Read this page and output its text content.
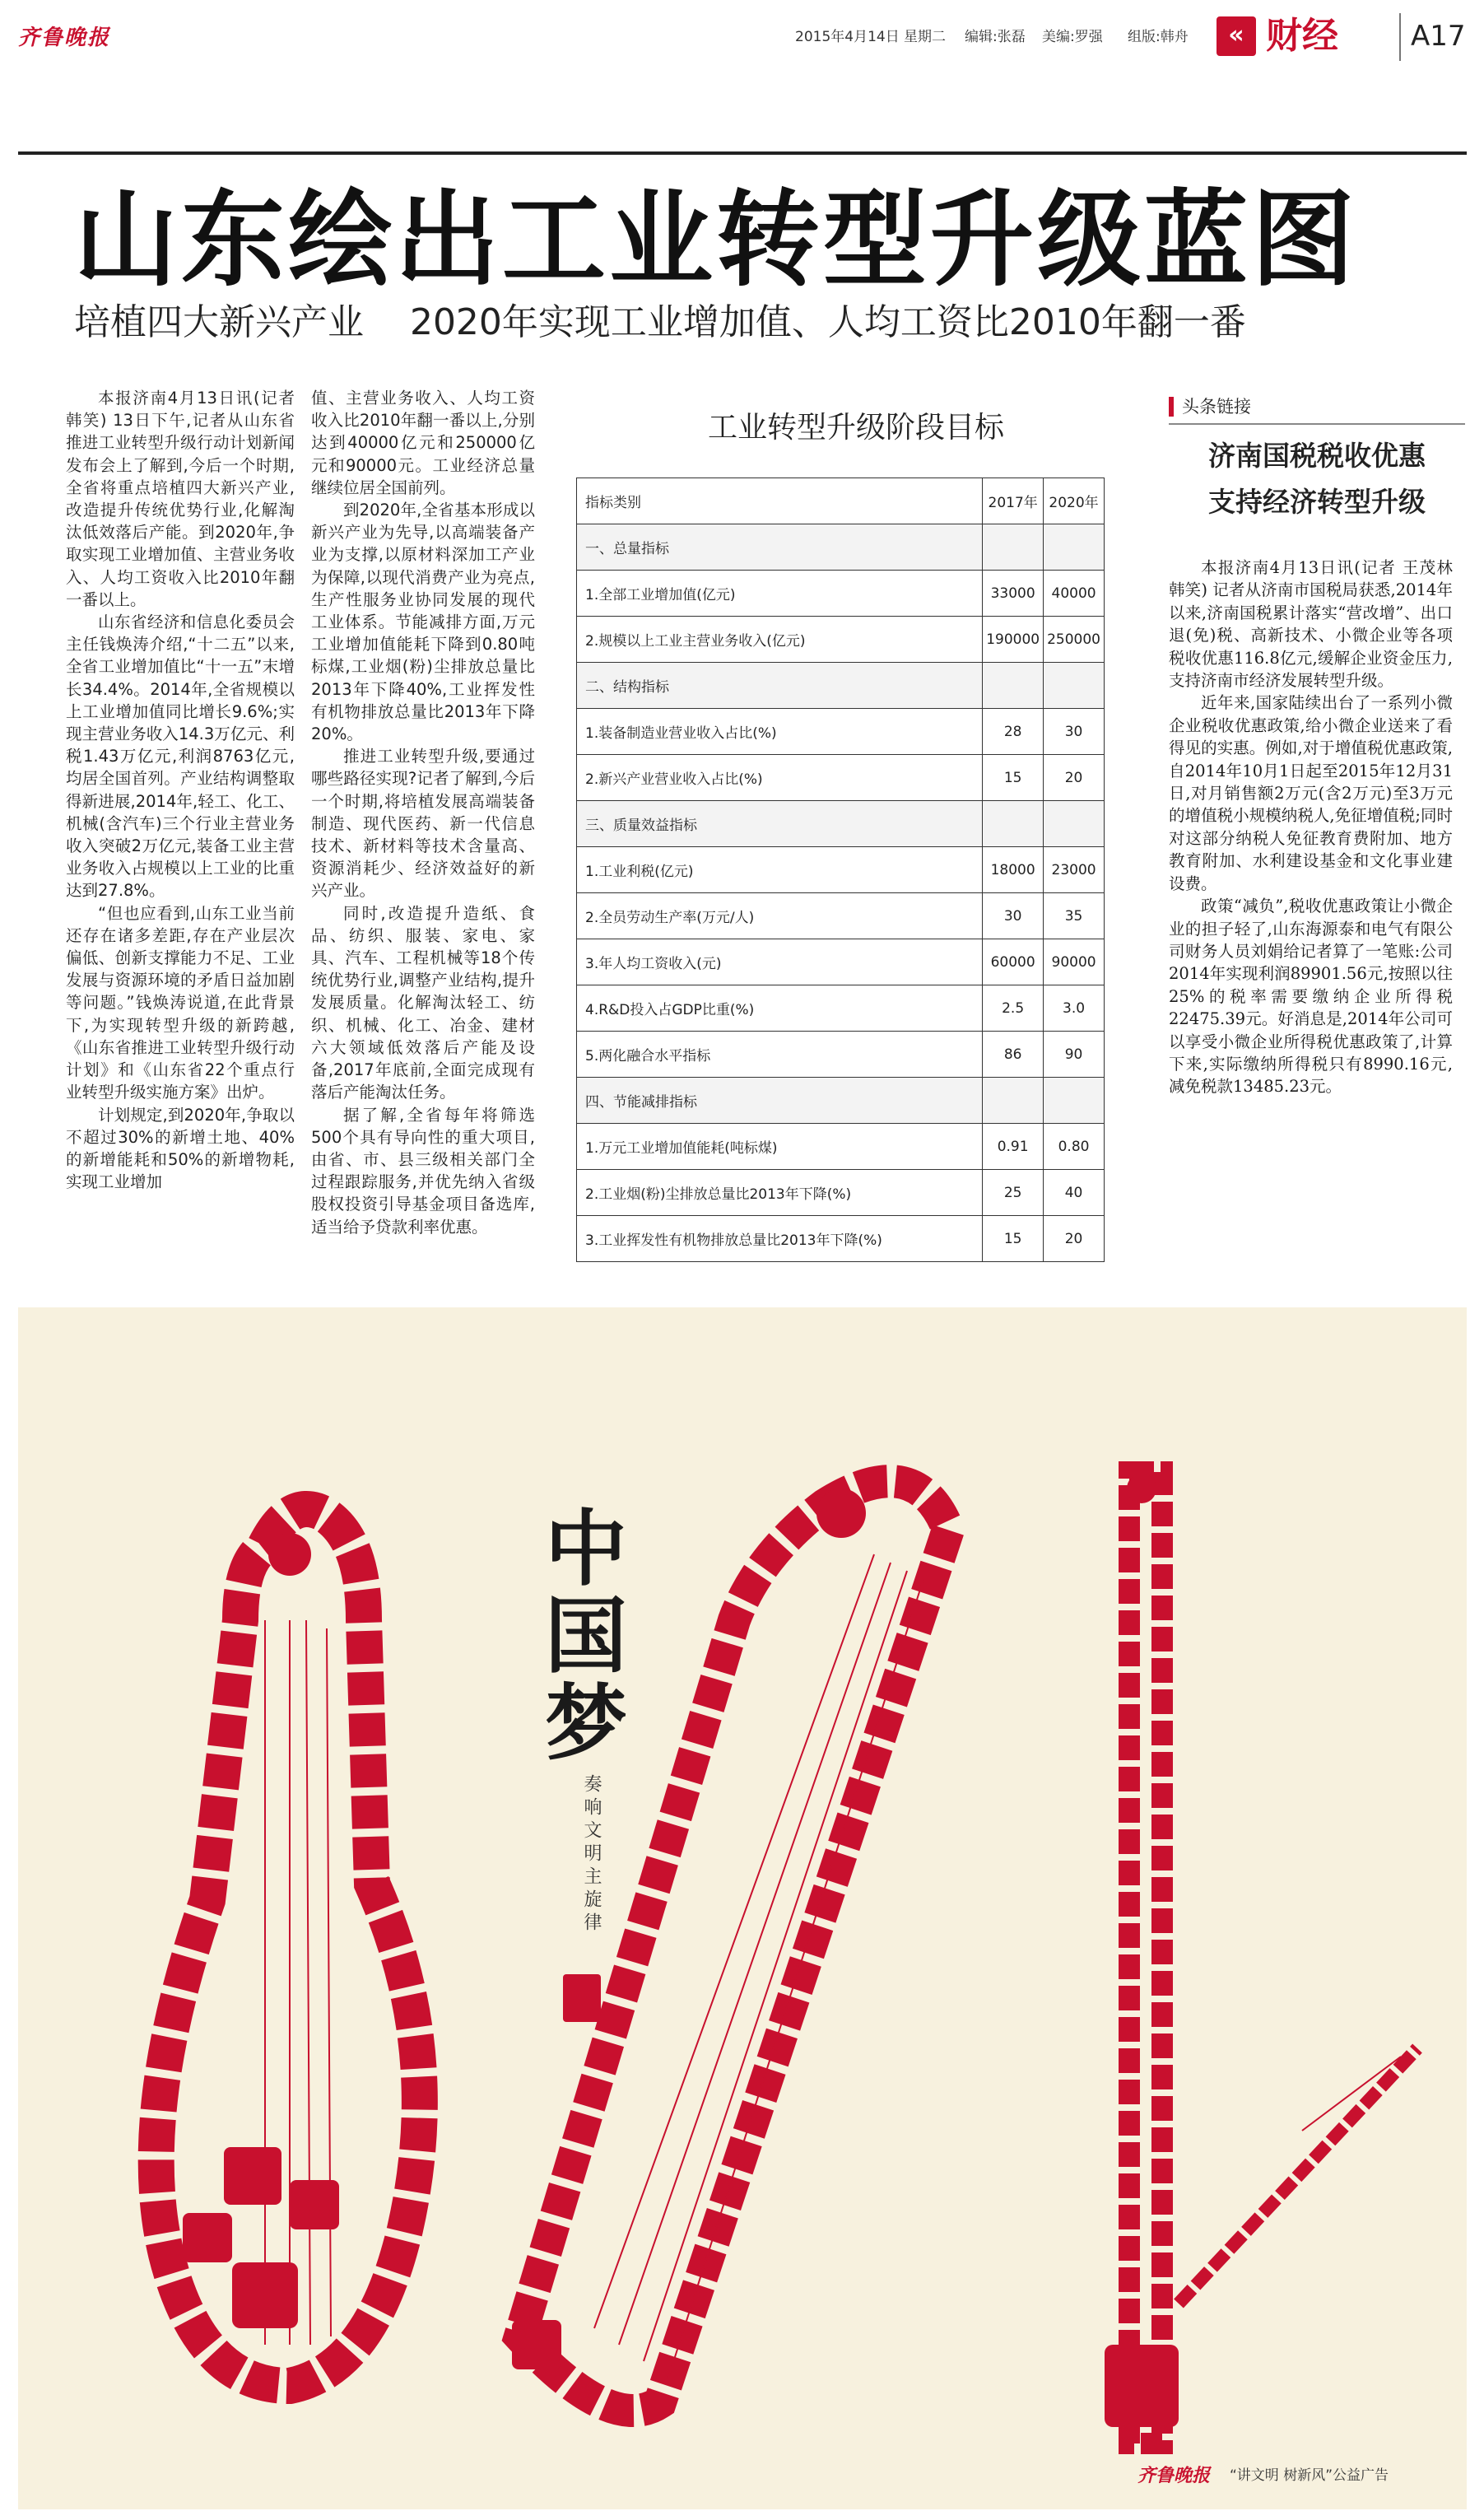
齐鲁晚报	2015年4月14日 星期二	编辑:张磊	美编:罗强	组版:韩舟	« 财经	A17
山东绘出工业转型升级蓝图
培植四大新兴产业    2020年实现工业增加值、人均工资比2010年翻一番

本报济南4月13日讯(记者 韩笑) 13日下午,记者从山东省推进工业转型升级行动计划新闻发布会上了解到,今后一个时期,全省将重点培植四大新兴产业,改造提升传统优势行业,化解淘汰低效落后产能。到2020年,争取实现工业增加值、主营业务收入、人均工资收入比2010年翻一番以上。

山东省经济和信息化委员会主任钱焕涛介绍,“十二五”以来,全省工业增加值比“十一五”末增长34.4%。2014年,全省规模以上工业增加值同比增长9.6%;实现主营业务收入14.3万亿元、利税1.43万亿元,利润8763亿元,均居全国首列。产业结构调整取得新进展,2014年,轻工、化工、机械(含汽车)三个行业主营业务收入突破2万亿元,装备工业主营业务收入占规模以上工业的比重达到27.8%。

“但也应看到,山东工业当前还存在诸多差距,存在产业层次偏低、创新支撑能力不足、工业发展与资源环境的矛盾日益加剧等问题。”钱焕涛说道,在此背景下,为实现转型升级的新跨越,《山东省推进工业转型升级行动计划》和《山东省22个重点行业转型升级实施方案》出炉。

计划规定,到2020年,争取以不超过30%的新增土地、40%的新增能耗和50%的新增物耗,实现工业增加

值、主营业务收入、人均工资收入比2010年翻一番以上,分别达到40000亿元和250000亿元和90000元。工业经济总量继续位居全国前列。

到2020年,全省基本形成以新兴产业为先导,以高端装备产业为支撑,以原材料深加工产业为保障,以现代消费产业为亮点,生产性服务业协同发展的现代工业体系。节能减排方面,万元工业增加值能耗下降到0.80吨标煤,工业烟(粉)尘排放总量比2013年下降40%,工业挥发性有机物排放总量比2013年下降20%。

推进工业转型升级,要通过哪些路径实现?记者了解到,今后一个时期,将培植发展高端装备制造、现代医药、新一代信息技术、新材料等技术含量高、资源消耗少、经济效益好的新兴产业。

同时,改造提升造纸、食品、纺织、服装、家电、家具、汽车、工程机械等18个传统优势行业,调整产业结构,提升发展质量。化解淘汰轻工、纺织、机械、化工、冶金、建材六大领域低效落后产能及设备,2017年底前,全面完成现有落后产能淘汰任务。

据了解,全省每年将筛选500个具有导向性的重大项目,由省、市、县三级相关部门全过程跟踪服务,并优先纳入省级股权投资引导基金项目备选库,适当给予贷款利率优惠。

工业转型升级阶段目标
指标类别	2017年	2020年
一、总量指标		
1.全部工业增加值(亿元)	33000	40000
2.规模以上工业主营业务收入(亿元)	190000	250000
二、结构指标		
1.装备制造业营业收入占比(%)	28	30
2.新兴产业营业收入占比(%)	15	20
三、质量效益指标		
1.工业利税(亿元)	18000	23000
2.全员劳动生产率(万元/人)	30	35
3.年人均工资收入(元)	60000	90000
4.R&D投入占GDP比重(%)	2.5	3.0
5.两化融合水平指标	86	90
四、节能减排指标		
1.万元工业增加值能耗(吨标煤)	0.91	0.80
2.工业烟(粉)尘排放总量比2013年下降(%)	25	40
3.工业挥发性有机物排放总量比2013年下降(%)	15	20
头条链接
济南国税税收优惠
支持经济转型升级

本报济南4月13日讯(记者 王茂林 韩笑) 记者从济南市国税局获悉,2014年以来,济南国税累计落实“营改增”、出口退(免)税、高新技术、小微企业等各项税收优惠116.8亿元,缓解企业资金压力,支持济南市经济发展转型升级。

近年来,国家陆续出台了一系列小微企业税收优惠政策,给小微企业送来了看得见的实惠。例如,对于增值税优惠政策,自2014年10月1日起至2015年12月31日,对月销售额2万元(含2万元)至3万元的增值税小规模纳税人,免征增值税;同时对这部分纳税人免征教育费附加、地方教育附加、水利建设基金和文化事业建设费。

政策“减负”,税收优惠政策让小微企业的担子轻了,山东海源泰和电气有限公司财务人员刘娟给记者算了一笔账:公司2014年实现利润89901.56元,按照以往25%的税率需要缴纳企业所得税22475.39元。好消息是,2014年公司可以享受小微企业所得税优惠政策了,计算下来,实际缴纳所得税只有8990.16元,减免税款13485.23元。

中国梦
奏响文明主旋律
齐鲁晚报	“讲文明 树新风”公益广告
